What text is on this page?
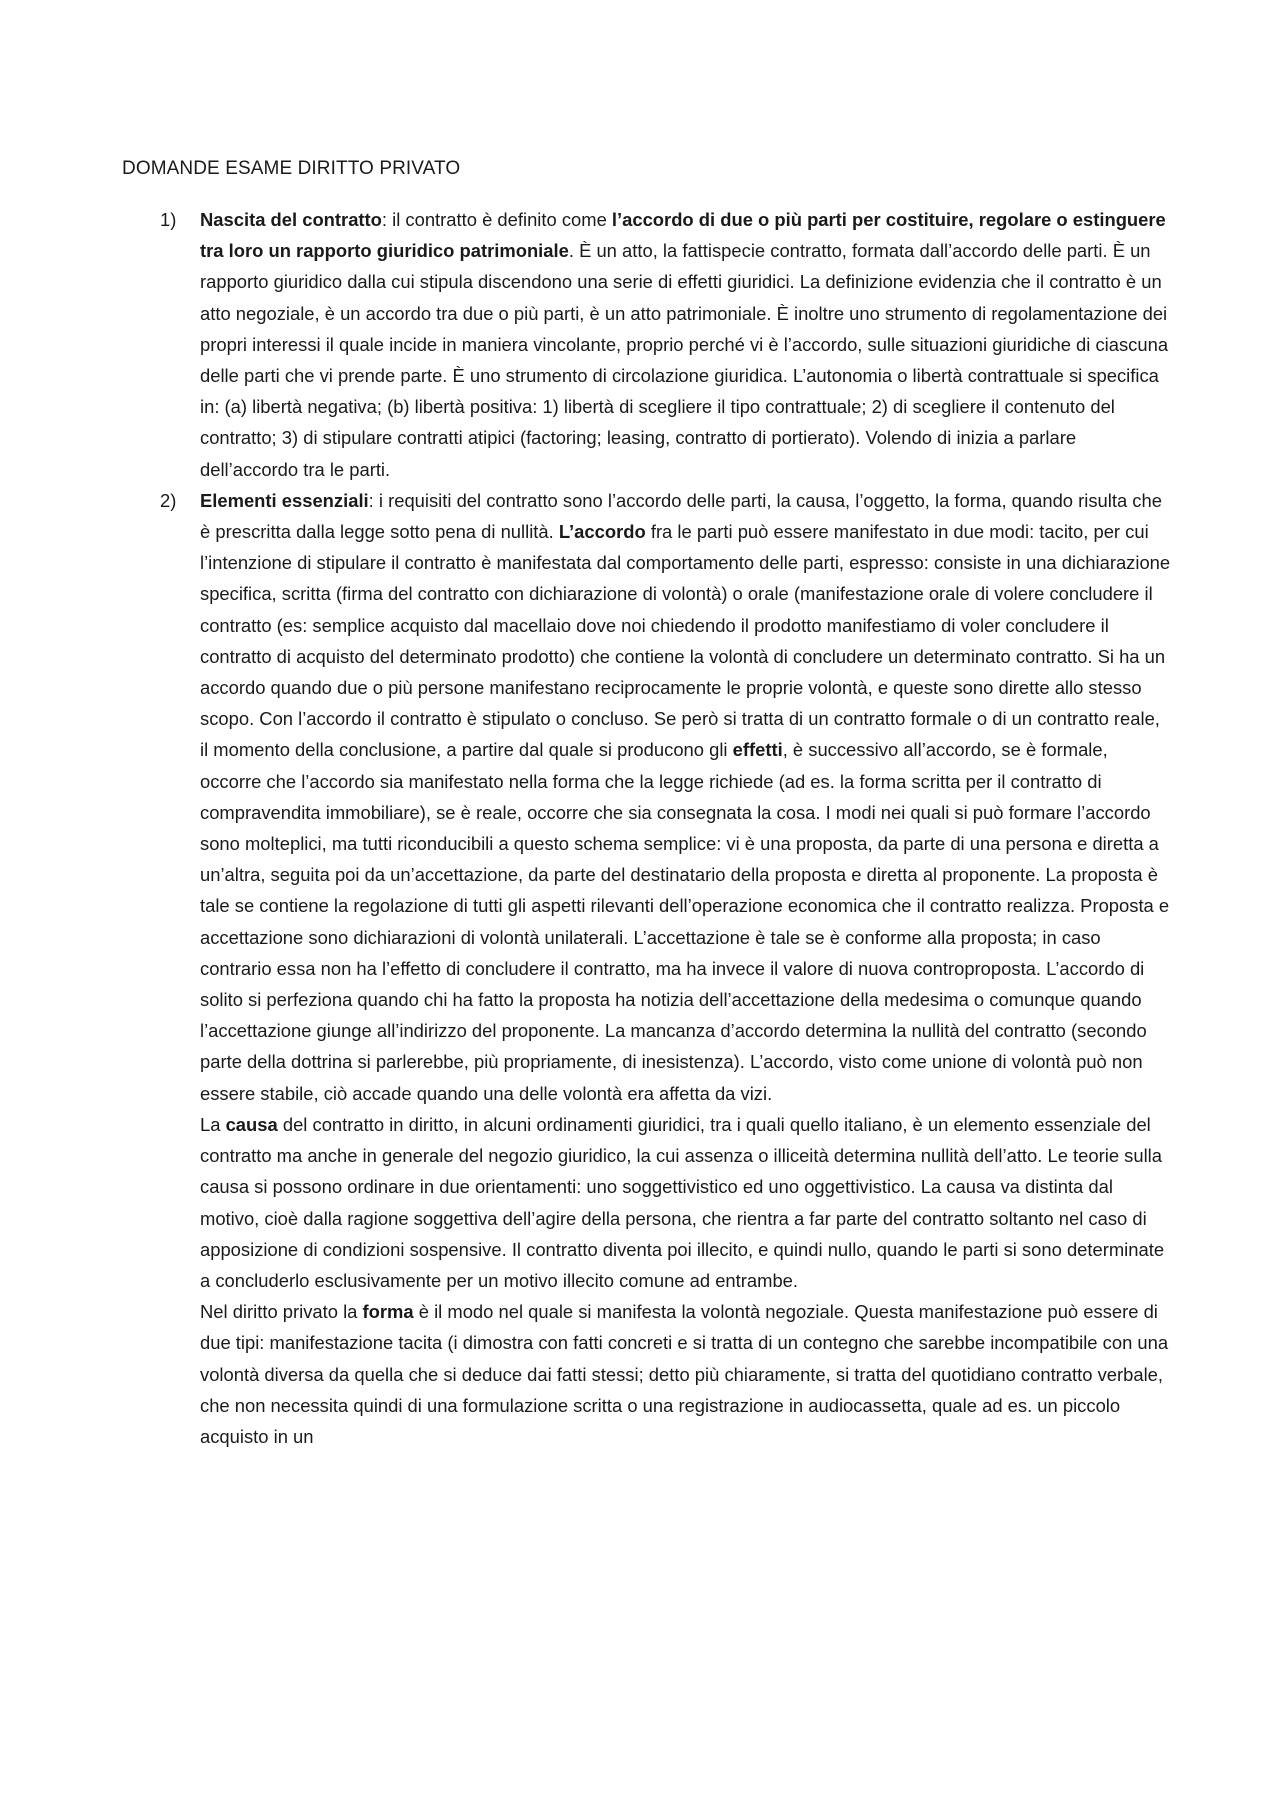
DOMANDE ESAME DIRITTO PRIVATO
1) Nascita del contratto: il contratto è definito come l’accordo di due o più parti per costituire, regolare o estinguere tra loro un rapporto giuridico patrimoniale. È un atto, la fattispecie contratto, formata dall’accordo delle parti. È un rapporto giuridico dalla cui stipula discendono una serie di effetti giuridici. La definizione evidenzia che il contratto è un atto negoziale, è un accordo tra due o più parti, è un atto patrimoniale. È inoltre uno strumento di regolamentazione dei propri interessi il quale incide in maniera vincolante, proprio perché vi è l’accordo, sulle situazioni giuridiche di ciascuna delle parti che vi prende parte. È uno strumento di circolazione giuridica. L’autonomia o libertà contrattuale si specifica in: (a) libertà negativa; (b) libertà positiva: 1) libertà di scegliere il tipo contrattuale; 2) di scegliere il contenuto del contratto; 3) di stipulare contratti atipici (factoring; leasing, contratto di portierato). Volendo di inizia a parlare dell’accordo tra le parti.

2) Elementi essenziali: i requisiti del contratto sono l’accordo delle parti, la causa, l’oggetto, la forma, quando risulta che è prescritta dalla legge sotto pena di nullità. L’accordo fra le parti può essere manifestato in due modi: tacito, per cui l’intenzione di stipulare il contratto è manifestata dal comportamento delle parti, espresso: consiste in una dichiarazione specifica, scritta (firma del contratto con dichiarazione di volontà) o orale (manifestazione orale di volere concludere il contratto (es: semplice acquisto dal macellaio dove noi chiedendo il prodotto manifestiamo di voler concludere il contratto di acquisto del determinato prodotto) che contiene la volontà di concludere un determinato contratto. Si ha un accordo quando due o più persone manifestano reciprocamente le proprie volontà, e queste sono dirette allo stesso scopo. Con l’accordo il contratto è stipulato o concluso. Se però si tratta di un contratto formale o di un contratto reale, il momento della conclusione, a partire dal quale si producono gli effetti, è successivo all’accordo, se è formale, occorre che l’accordo sia manifestato nella forma che la legge richiede (ad es. la forma scritta per il contratto di compravendita immobiliare), se è reale, occorre che sia consegnata la cosa. I modi nei quali si può formare l’accordo sono molteplici, ma tutti riconducibili a questo schema semplice: vi è una proposta, da parte di una persona e diretta a un’altra, seguita poi da un’accettazione, da parte del destinatario della proposta e diretta al proponente. La proposta è tale se contiene la regolazione di tutti gli aspetti rilevanti dell’operazione economica che il contratto realizza. Proposta e accettazione sono dichiarazioni di volontà unilaterali. L’accettazione è tale se è conforme alla proposta; in caso contrario essa non ha l’effetto di concludere il contratto, ma ha invece il valore di nuova controproposta. L’accordo di solito si perfeziona quando chi ha fatto la proposta ha notizia dell’accettazione della medesima o comunque quando l’accettazione giunge all’indirizzo del proponente. La mancanza d’accordo determina la nullità del contratto (secondo parte della dottrina si parlerebbe, più propriamente, di inesistenza). L’accordo, visto come unione di volontà può non essere stabile, ciò accade quando una delle volontà era affetta da vizi.

La causa del contratto in diritto, in alcuni ordinamenti giuridici, tra i quali quello italiano, è un elemento essenziale del contratto ma anche in generale del negozio giuridico, la cui assenza o illiceità determina nullità dell’atto. Le teorie sulla causa si possono ordinare in due orientamenti: uno soggettivistico ed uno oggettivistico. La causa va distinta dal motivo, cioè dalla ragione soggettiva dell’agire della persona, che rientra a far parte del contratto soltanto nel caso di apposizione di condizioni sospensive. Il contratto diventa poi illecito, e quindi nullo, quando le parti si sono determinate a concluderlo esclusivamente per un motivo illecito comune ad entrambe.

Nel diritto privato la forma è il modo nel quale si manifesta la volontà negoziale. Questa manifestazione può essere di due tipi: manifestazione tacita (i dimostra con fatti concreti e si tratta di un contegno che sarebbe incompatibile con una volontà diversa da quella che si deduce dai fatti stessi; detto più chiaramente, si tratta del quotidiano contratto verbale, che non necessita quindi di una formulazione scritta o una registrazione in audiocassetta, quale ad es. un piccolo acquisto in un
